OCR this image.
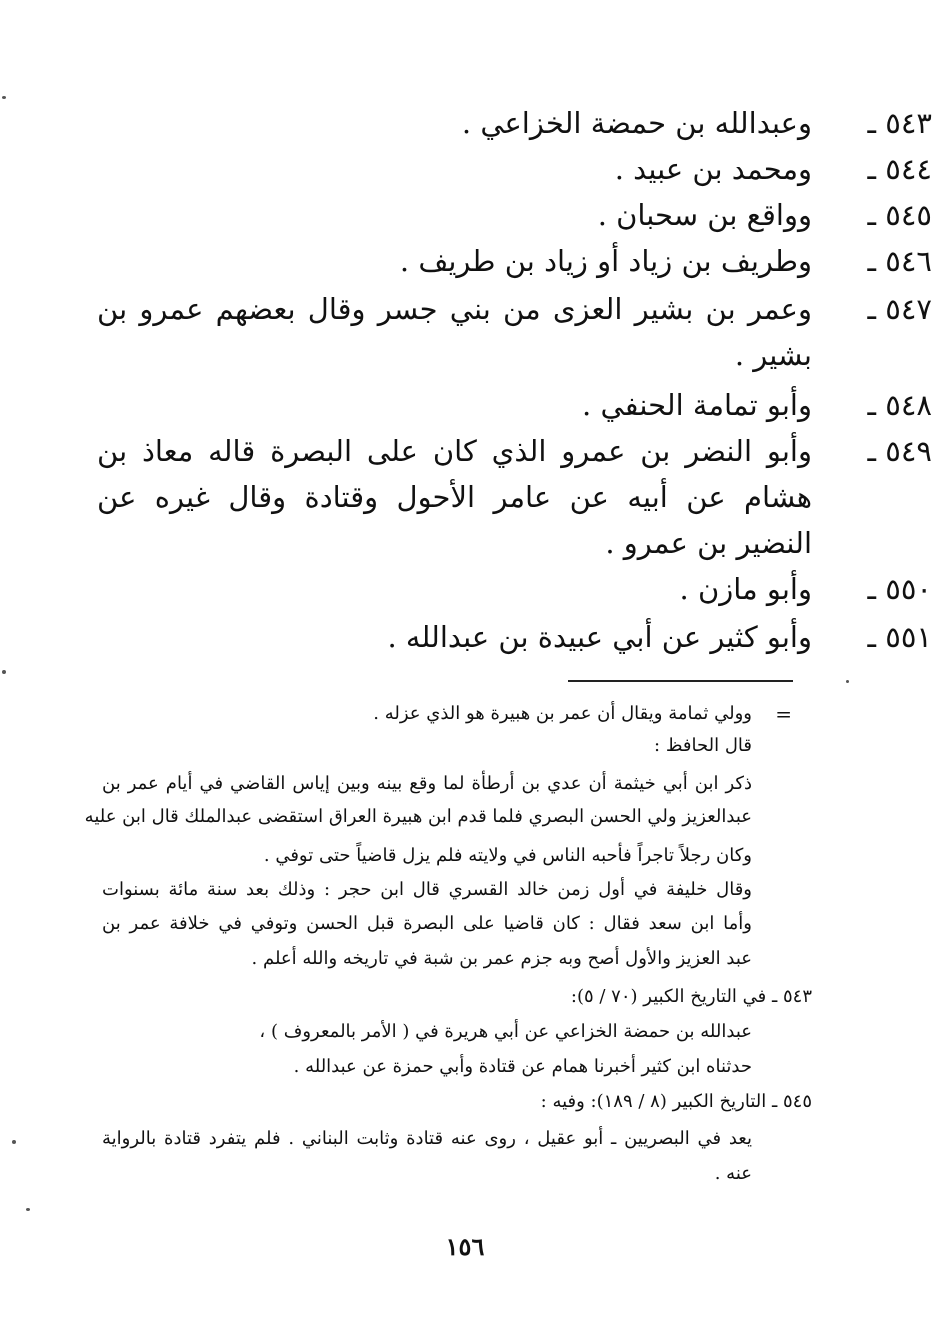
٥٤٣ ـ
وعبدالله بن حمضة الخزاعي .
٥٤٤ ـ
ومحمد بن عبيد .
٥٤٥ ـ
وواقع بن سحبان .
٥٤٦ ـ
وطريف بن زياد أو زياد بن طريف .
٥٤٧ ـ
وعمر بن بشير العزى من بني جسر وقال بعضهم عمرو بن بشير .
٥٤٨ ـ
وأبو تمامة الحنفي .
٥٤٩ ـ
وأبو النضر بن عمرو الذي كان على البصرة قاله معاذ بن هشام عن أبيه عن عامر الأحول وقتادة وقال غيره عن النضير بن عمرو .
٥٥٠ ـ
وأبو مازن .
٥٥١ ـ
وأبو كثير عن أبي عبيدة بن عبدالله .
=
وولي ثمامة ويقال أن عمر بن هبيرة هو الذي عزله .
قال الحافظ :
ذكر ابن أبي خيثمة أن عدي بن أرطأة لما وقع بينه وبين إياس القاضي في أيام عمر بن
عبدالعزيز ولي الحسن البصري فلما قدم ابن هبيرة العراق استقضى عبدالملك قال ابن عليه
وكان رجلاً تاجراً فأحبه الناس في ولايته فلم يزل قاضياً حتى توفي .
وقال خليفة في أول زمن خالد القسري قال ابن حجر : وذلك بعد سنة مائة بسنوات
وأما ابن سعد فقال : كان قاضيا على البصرة قبل الحسن وتوفي في خلافة عمر بن
عبد العزيز والأول أصح وبه جزم عمر بن شبة في تاريخه والله أعلم .
٥٤٣ ـ في التاريخ الكبير (٧٠ / ٥):
عبدالله بن حمضة الخزاعي عن أبي هريرة في ( الأمر بالمعروف ) ،
حدثناه ابن كثير أخبرنا همام عن قتادة وأبي حمزة عن عبدالله .
٥٤٥ ـ التاريخ الكبير (٨ / ١٨٩): وفيه :
يعد في البصريين ـ أبو عقيل ، روى عنه قتادة وثابت البناني . فلم يتفرد قتادة بالرواية
عنه .
١٥٦
